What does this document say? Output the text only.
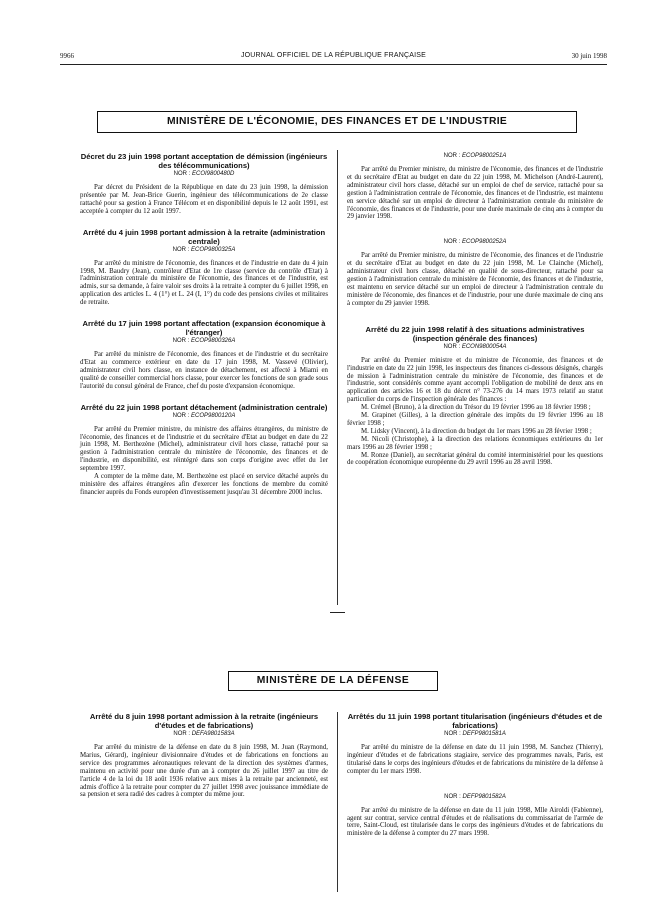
9966	JOURNAL OFFICIEL DE LA RÉPUBLIQUE FRANÇAISE	30 juin 1998
MINISTÈRE DE L'ÉCONOMIE, DES FINANCES ET DE L'INDUSTRIE
Décret du 23 juin 1998 portant acceptation de démission (ingénieurs des télécommunications)
NOR : ECOI9800480D

Par décret du Président de la République en date du 23 juin 1998, la démission présentée par M. Jean-Brice Guerin, ingénieur des télécommunications de 2e classe rattaché pour sa gestion à France Télécom et en disponibilité depuis le 12 août 1991, est acceptée à compter du 12 août 1997.

Arrêté du 4 juin 1998 portant admission à la retraite (administration centrale)
NOR : ECOP9800325A

Par arrêté du ministre de l'économie, des finances et de l'industrie en date du 4 juin 1998, M. Baudry (Jean), contrôleur d'Etat de 1re classe (service du contrôle d'Etat) à l'administration centrale du ministère de l'économie, des finances et de l'industrie, est admis, sur sa demande, à faire valoir ses droits à la retraite à compter du 6 juillet 1998, en application des articles L. 4 (1°) et L. 24 (I, 1°) du code des pensions civiles et militaires de retraite.

Arrêté du 17 juin 1998 portant affectation (expansion économique à l'étranger)
NOR : ECOP9800326A

Par arrêté du ministre de l'économie, des finances et de l'industrie et du secrétaire d'Etat au commerce extérieur en date du 17 juin 1998, M. Vassevé (Olivier), administrateur civil hors classe, en instance de détachement, est affecté à Miami en qualité de conseiller commercial hors classe, pour exercer les fonctions de son grade sous l'autorité du consul général de France, chef du poste d'expansion économique.

Arrêté du 22 juin 1998 portant détachement (administration centrale)
NOR : ECOP9800120A

Par arrêté du Premier ministre, du ministre des affaires étrangères, du ministre de l'économie, des finances et de l'industrie et du secrétaire d'Etat au budget en date du 22 juin 1998, M. Berthezène (Michel), administrateur civil hors classe, rattaché pour sa gestion à l'administration centrale du ministère de l'économie, des finances et de l'industrie, en disponibilité, est réintégré dans son corps d'origine avec effet du 1er septembre 1997.

A compter de la même date, M. Berthezène est placé en service détaché auprès du ministère des affaires étrangères afin d'exercer les fonctions de membre du comité financier auprès du Fonds européen d'investissement jusqu'au 31 décembre 2000 inclus.

NOR : ECOP9800251A

Par arrêté du Premier ministre, du ministre de l'économie, des finances et de l'industrie et du secrétaire d'Etat au budget en date du 22 juin 1998, M. Michelson (André-Laurent), administrateur civil hors classe, détaché sur un emploi de chef de service, rattaché pour sa gestion à l'administration centrale de l'économie, des finances et de l'industrie, est maintenu en service détaché sur un emploi de directeur à l'administration centrale du ministère de l'économie, des finances et de l'industrie, pour une durée maximale de cinq ans à compter du 29 janvier 1998.

NOR : ECOP9800252A

Par arrêté du Premier ministre, du ministre de l'économie, des finances et de l'industrie et du secrétaire d'Etat au budget en date du 22 juin 1998, M. Le Clainche (Michel), administrateur civil hors classe, détaché en qualité de sous-directeur, rattaché pour sa gestion à l'administration centrale du ministère de l'économie, des finances et de l'industrie, est maintenu en service détaché sur un emploi de directeur à l'administration centrale du ministère de l'économie, des finances et de l'industrie, pour une durée maximale de cinq ans à compter du 29 janvier 1998.

Arrêté du 22 juin 1998 relatif à des situations administratives (inspection générale des finances)
NOR : ECON9800054A

Par arrêté du Premier ministre et du ministre de l'économie, des finances et de l'industrie en date du 22 juin 1998, les inspecteurs des finances ci-dessous désignés, chargés de mission à l'administration centrale du ministère de l'économie, des finances et de l'industrie, sont considérés comme ayant accompli l'obligation de mobilité de deux ans en application des articles 16 et 18 du décret n° 73-276 du 14 mars 1973 relatif au statut particulier du corps de l'inspection générale des finances :

M. Crémel (Bruno), à la direction du Trésor du 19 février 1996 au 18 février 1998 ;

M. Grapinet (Gilles), à la direction générale des impôts du 19 février 1996 au 18 février 1998 ;

M. Lidsky (Vincent), à la direction du budget du 1er mars 1996 au 28 février 1998 ;

M. Nicoli (Christophe), à la direction des relations économiques extérieures du 1er mars 1996 au 28 février 1998 ;

M. Ronze (Daniel), au secrétariat général du comité interministériel pour les questions de coopération économique européenne du 29 avril 1996 au 28 avril 1998.

MINISTÈRE DE LA DÉFENSE
Arrêté du 8 juin 1998 portant admission à la retraite (ingénieurs d'études et de fabrications)
NOR : DEFA9801583A

Par arrêté du ministre de la défense en date du 8 juin 1998, M. Juan (Raymond, Marius, Gérard), ingénieur divisionnaire d'études et de fabrications en fonctions au service des programmes aéronautiques relevant de la direction des systèmes d'armes, maintenu en activité pour une durée d'un an à compter du 26 juillet 1997 au titre de l'article 4 de la loi du 18 août 1936 relative aux mises à la retraite par ancienneté, est admis d'office à la retraite pour compter du 27 juillet 1998 avec jouissance immédiate de sa pension et sera radié des cadres à compter du même jour.

Arrêtés du 11 juin 1998 portant titularisation (ingénieurs d'études et de fabrications)
NOR : DEFP9801581A

Par arrêté du ministre de la défense en date du 11 juin 1998, M. Sanchez (Thierry), ingénieur d'études et de fabrications stagiaire, service des programmes navals, Paris, est titularisé dans le corps des ingénieurs d'études et de fabrications du ministère de la défense à compter du 1er mars 1998.

NOR : DEFP9801582A

Par arrêté du ministre de la défense en date du 11 juin 1998, Mlle Airoldi (Fabienne), agent sur contrat, service central d'études et de réalisations du commissariat de l'armée de terre, Saint-Cloud, est titularisée dans le corps des ingénieurs d'études et de fabrications du ministère de la défense à compter du 27 mars 1998.
